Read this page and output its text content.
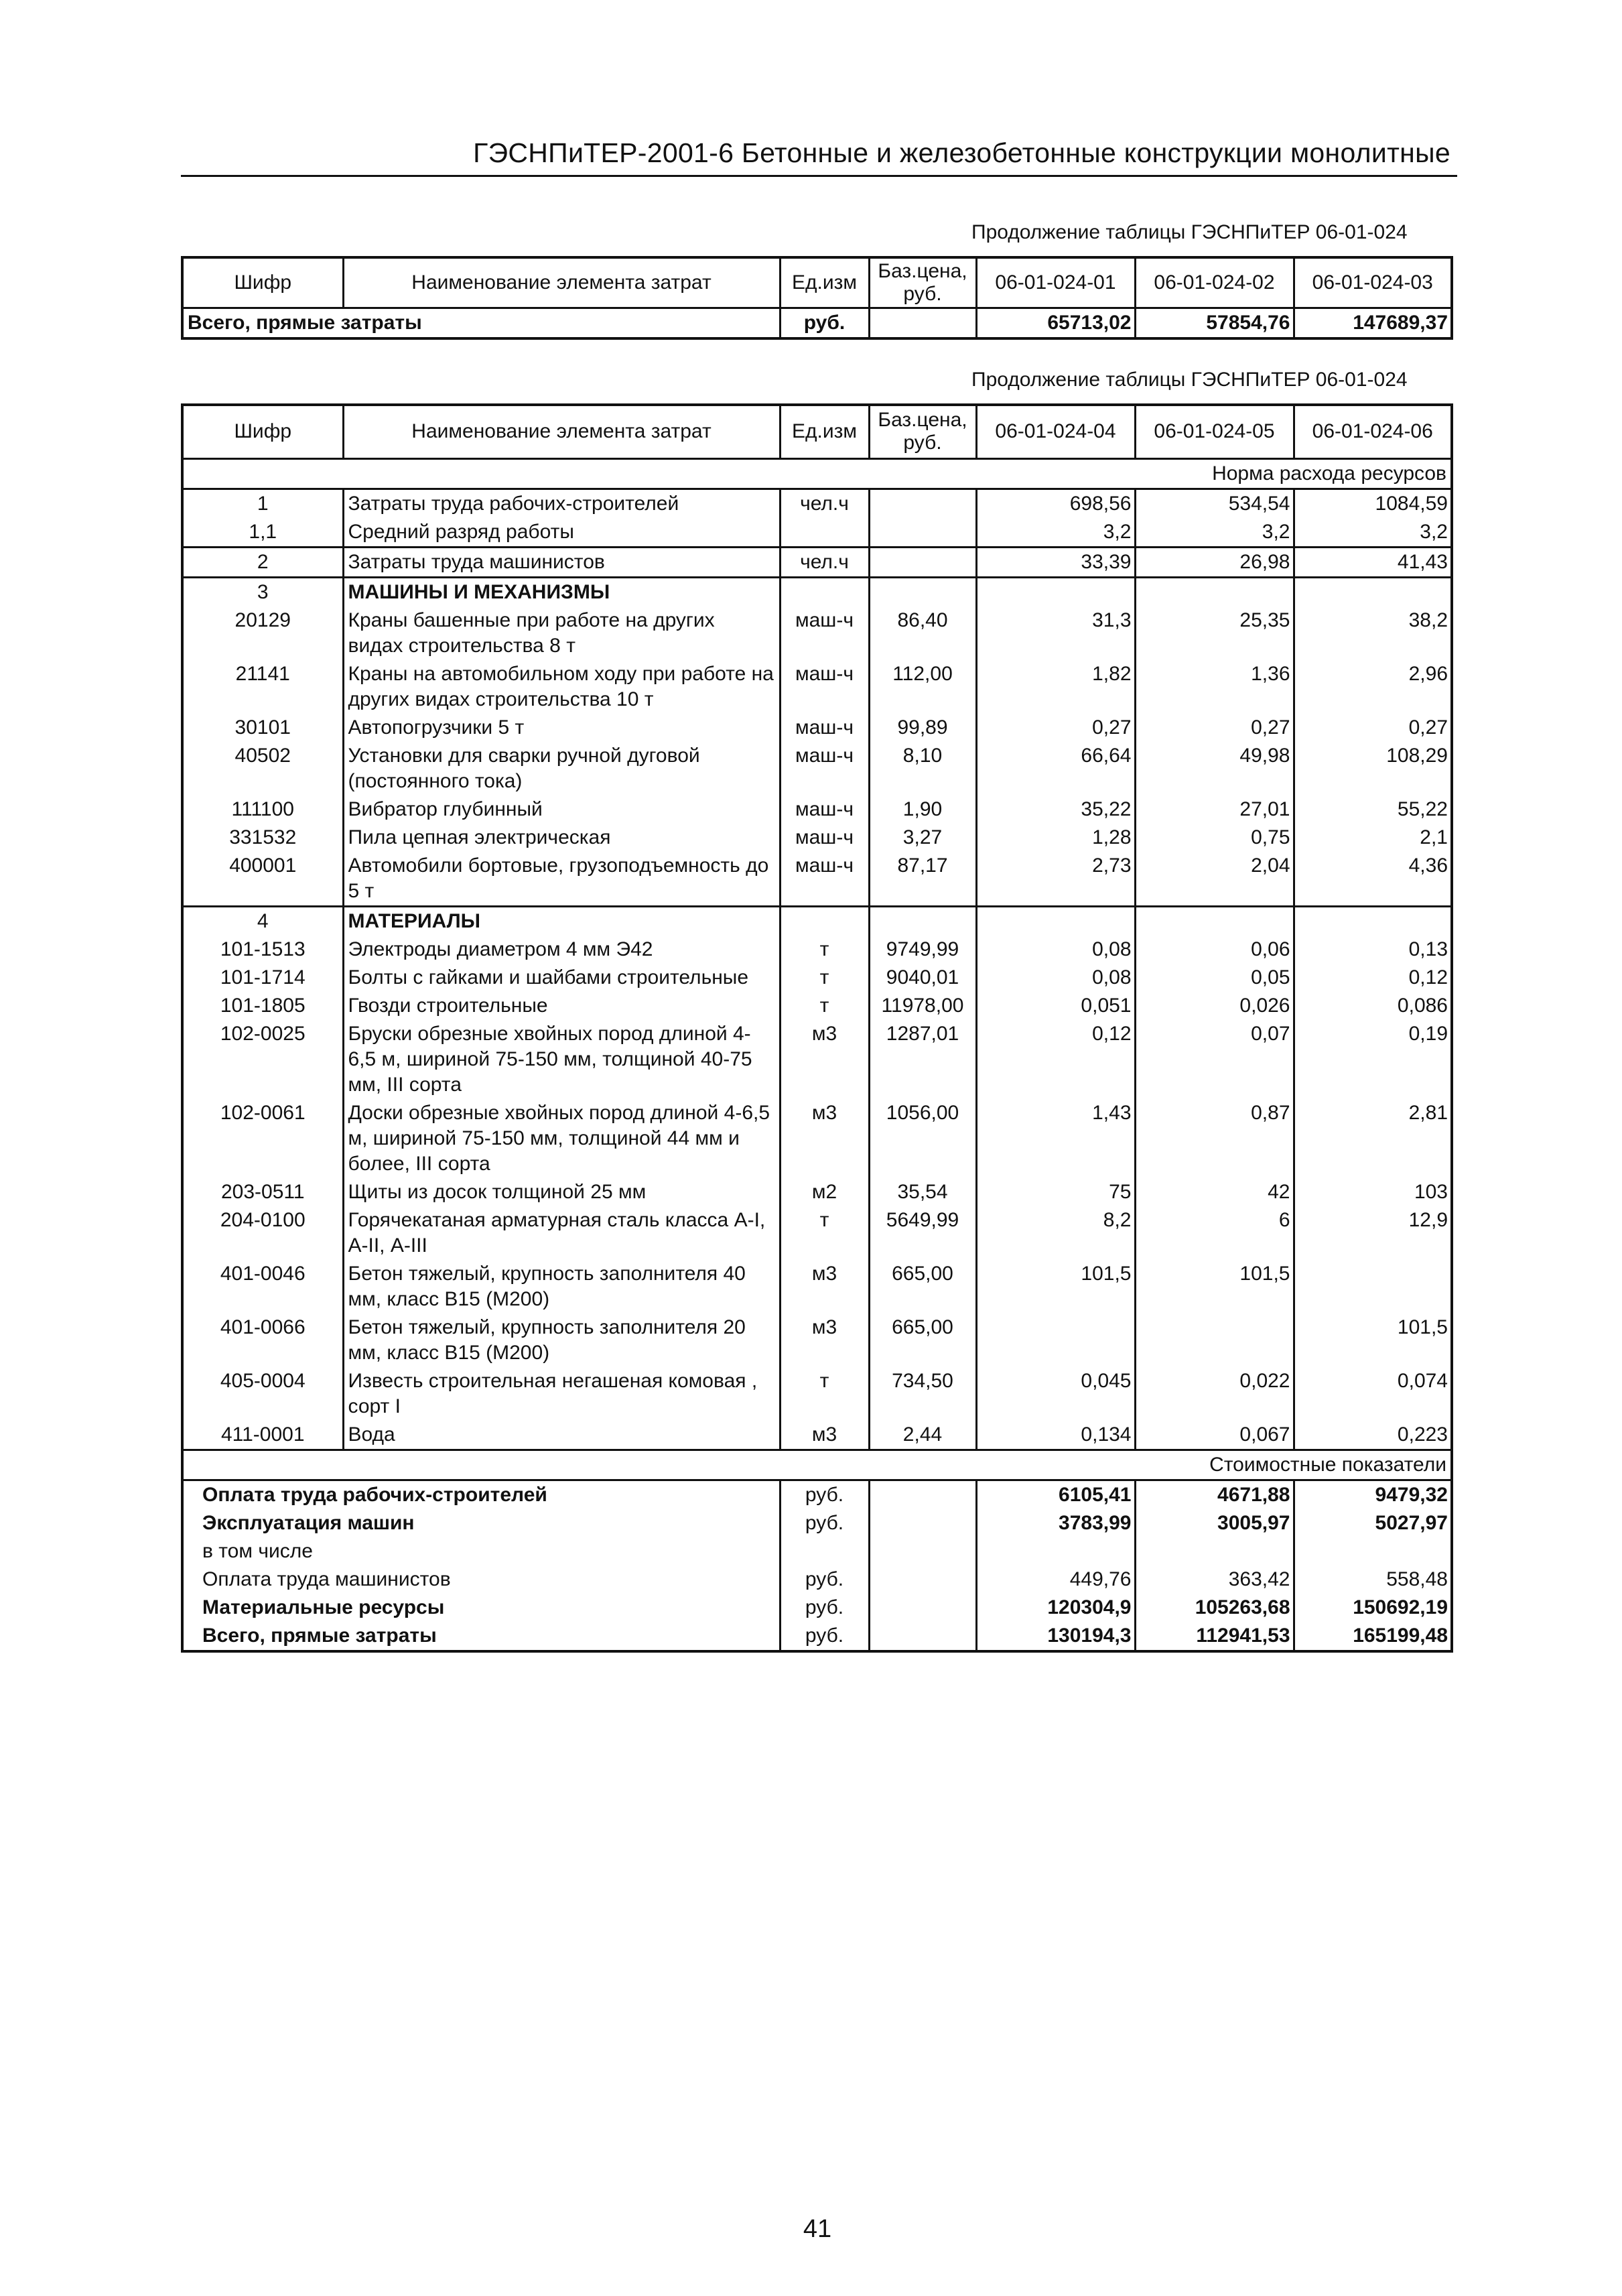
ГЭСНПиТЕР-2001-6 Бетонные и железобетонные конструкции монолитные
Продолжение таблицы ГЭСНПиТЕР 06-01-024
Шифр	Наименование элемента затрат	Ед.изм	Баз.цена, руб.	06-01-024-01	06-01-024-02	06-01-024-03
Всего, прямые затраты		руб.		65713,02	57854,76	147689,37
Продолжение таблицы ГЭСНПиТЕР 06-01-024
Шифр	Наименование элемента затрат	Ед.изм	Баз.цена, руб.	06-01-024-04	06-01-024-05	06-01-024-06
Норма расхода ресурсов						
1	Затраты труда рабочих-строителей	чел.ч		698,56	534,54	1084,59
1,1	Средний разряд работы			3,2	3,2	3,2
2	Затраты труда машинистов	чел.ч		33,39	26,98	41,43
3	МАШИНЫ И МЕХАНИЗМЫ					
20129	Краны башенные при работе на других видах строительства 8 т	маш-ч	86,40	31,3	25,35	38,2
21141	Краны на автомобильном ходу при работе на других видах строительства 10 т	маш-ч	112,00	1,82	1,36	2,96
30101	Автопогрузчики 5 т	маш-ч	99,89	0,27	0,27	0,27
40502	Установки для сварки ручной дуговой (постоянного тока)	маш-ч	8,10	66,64	49,98	108,29
111100	Вибратор глубинный	маш-ч	1,90	35,22	27,01	55,22
331532	Пила цепная электрическая	маш-ч	3,27	1,28	0,75	2,1
400001	Автомобили бортовые, грузоподъемность до 5 т	маш-ч	87,17	2,73	2,04	4,36
4	МАТЕРИАЛЫ					
101-1513	Электроды диаметром 4 мм Э42	т	9749,99	0,08	0,06	0,13
101-1714	Болты с гайками и шайбами строительные	т	9040,01	0,08	0,05	0,12
101-1805	Гвозди строительные	т	11978,00	0,051	0,026	0,086
102-0025	Бруски обрезные хвойных пород длиной 4-6,5 м, шириной 75-150 мм, толщиной 40-75 мм, III сорта	м3	1287,01	0,12	0,07	0,19
102-0061	Доски обрезные хвойных пород длиной 4-6,5 м, шириной 75-150 мм, толщиной 44 мм и более, III сорта	м3	1056,00	1,43	0,87	2,81
203-0511	Щиты из досок толщиной 25 мм	м2	35,54	75	42	103
204-0100	Горячекатаная арматурная сталь класса А-I, А-II, А-III	т	5649,99	8,2	6	12,9
401-0046	Бетон тяжелый, крупность заполнителя 40 мм, класс В15 (М200)	м3	665,00	101,5	101,5	
401-0066	Бетон тяжелый, крупность заполнителя 20 мм, класс В15 (М200)	м3	665,00			101,5
405-0004	Известь строительная негашеная комовая , сорт I	т	734,50	0,045	0,022	0,074
411-0001	Вода	м3	2,44	0,134	0,067	0,223
Стоимостные показатели						
Оплата труда рабочих-строителей		руб.		6105,41	4671,88	9479,32
Эксплуатация машин		руб.		3783,99	3005,97	5027,97
в том числе						
Оплата труда машинистов		руб.		449,76	363,42	558,48
Материальные ресурсы		руб.		120304,9	105263,68	150692,19
Всего, прямые затраты		руб.		130194,3	112941,53	165199,48
41
